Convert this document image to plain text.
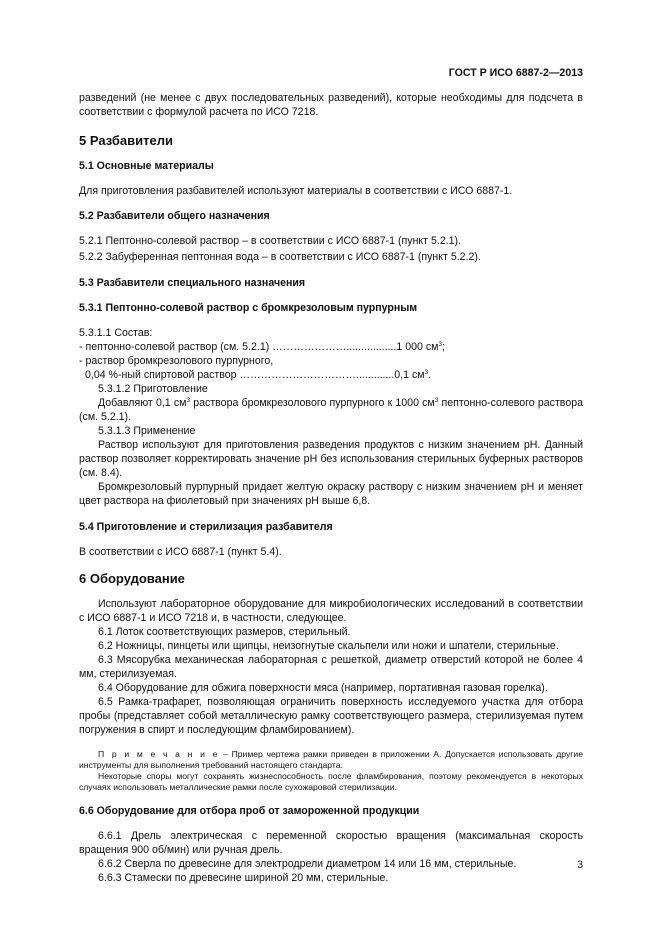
ГОСТ Р ИСО 6887-2—2013

разведений (не менее с двух последовательных разведений), которые необходимы для подсчета в соответствии с формулой расчета по ИСО 7218.

5 Разбавители
5.1 Основные материалы

Для приготовления разбавителей используют материалы в соответствии с ИСО 6887-1.

5.2 Разбавители общего назначения

5.2.1 Пептонно-солевой раствор – в соответствии с ИСО 6887-1 (пункт 5.2.1).

5.2.2 Забуференная пептонная вода – в соответствии с ИСО 6887-1 (пункт 5.2.2).

5.3 Разбавители специального назначения
5.3.1 Пептонно-солевой раствор с бромкрезоловым пурпурным

5.3.1.1 Состав:

- пептонно-солевой раствор (см. 5.2.1) ………………….................1 000 $см^3$;

- раствор бромкрезолового пурпурного,

0,04 %-ный спиртовой раствор …………………………….............0,1 $см^3$.

5.3.1.2 Приготовление

Добавляют 0,1 $см^3$ раствора бромкрезолового пурпурного к 1000 $см^3$ пептонно-солевого раствора (см. 5.2.1).

5.3.1.3 Применение

Раствор используют для приготовления разведения продуктов с низким значением рН. Данный раствор позволяет корректировать значение рН без использования стерильных буферных растворов (см. 8.4).

Бромкрезоловый пурпурный придает желтую окраску раствору с низким значением рН и меняет цвет раствора на фиолетовый при значениях рН выше 6,8.

5.4 Приготовление и стерилизация разбавителя

В соответствии с ИСО 6887-1 (пункт 5.4).

6 Оборудование

Используют лабораторное оборудование для микробиологических исследований в соответствии с ИСО 6887-1 и ИСО 7218 и, в частности, следующее.

6.1 Лоток соответствующих размеров, стерильный.

6.2 Ножницы, пинцеты или щипцы, неизогнутые скальпели или ножи и шпатели, стерильные.

6.3 Мясорубка механическая лабораторная с решеткой, диаметр отверстий которой не более 4 мм, стерилизуемая.

6.4 Оборудование для обжига поверхности мяса (например, портативная газовая горелка).

6.5 Рамка-трафарет, позволяющая ограничить поверхность исследуемого участка для отбора пробы (представляет собой металлическую рамку соответствующего размера, стерилизуемая путем погружения в спирт и последующим фламбированием).

П р и м е ч а н и е – Пример чертежа рамки приведен в приложении А. Допускается использовать другие инструменты для выполнения требований настоящего стандарта.

Некоторые споры могут сохранять жизнеспособность после фламбирования, поэтому рекомендуется в некоторых случаях использовать металлические рамки после сухожаровой стерилизации.

6.6 Оборудование для отбора проб от замороженной продукции

6.6.1 Дрель электрическая с переменной скоростью вращения (максимальная скорость вращения 900 об/мин) или ручная дрель.

6.6.2 Сверла по древесине для электродрели диаметром 14 или 16 мм, стерильные.

6.6.3 Стамески по древесине шириной 20 мм, стерильные.

3
